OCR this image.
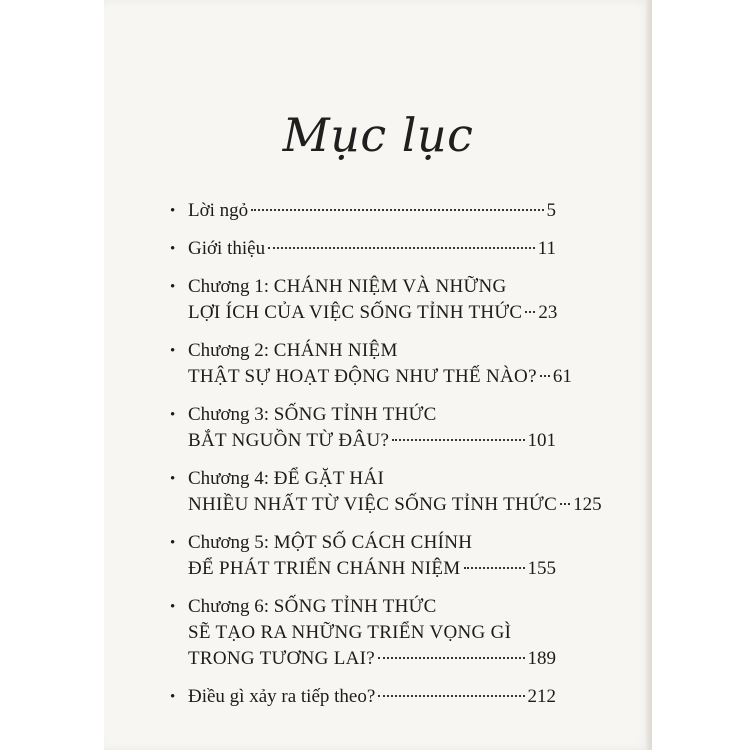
Mục lục
• Lời ngỏ	5
• Giới thiệu	11
• Chương 1: CHÁNH NIỆM VÀ NHỮNG
LỢI ÍCH CỦA VIỆC SỐNG TỈNH THỨC 23
• Chương 2: CHÁNH NIỆM
THẬT SỰ HOẠT ĐỘNG NHƯ THẾ NÀO? 61
• Chương 3: SỐNG TỈNH THỨC
BẮT NGUỒN TỪ ĐÂU?	101
• Chương 4: ĐỂ GẶT HÁI
NHIỀU NHẤT TỪ VIỆC SỐNG TỈNH THỨC 125
• Chương 5: MỘT SỐ CÁCH CHÍNH
ĐỂ PHÁT TRIỂN CHÁNH NIỆM	155
• Chương 6: SỐNG TỈNH THỨC
SẼ TẠO RA NHỮNG TRIỂN VỌNG GÌ
TRONG TƯƠNG LAI?	189
• Điều gì xảy ra tiếp theo?	212
